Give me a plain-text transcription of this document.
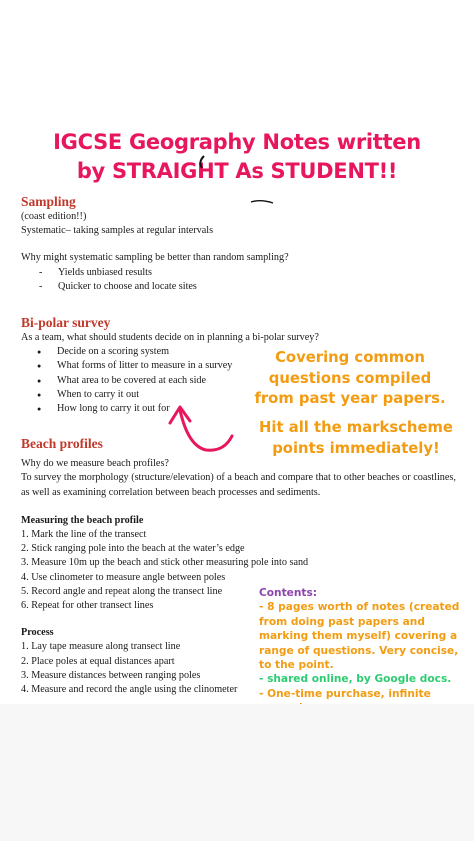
IGCSE Geography Notes written
by STRAIGHT As STUDENT!!
Sampling

(coast edition!!)

Systematic– taking samples at regular intervals

Why might systematic sampling be better than random sampling?

- Yields unbiased results
- Quicker to choose and locate sites
Bi-polar survey

As a team, what should students decide on in planning a bi-polar survey?

● Decide on a scoring system
● What forms of litter to measure in a survey
● What area to be covered at each side
● When to carry it out
● How long to carry it out for
Beach profiles

Why do we measure beach profiles?

To survey the morphology (structure/elevation) of a beach and compare that to other beaches or coastlines, as well as examining correlation between beach processes and sediments.

Measuring the beach profile

1. Mark the line of the transect

2. Stick ranging pole into the beach at the water’s edge

3. Measure 10m up the beach and stick other measuring pole into sand

4. Use clinometer to measure angle between poles

5. Record angle and repeat along the transect line

6. Repeat for other transect lines

Process

1. Lay tape measure along transect line

2. Place poles at equal distances apart

3. Measure distances between ranging poles

4. Measure and record the angle using the clinometer

Covering common
questions compiled
from past year papers.
Hit all the markscheme
points immediately!
Contents:
- 8 pages worth of notes (created
from doing past papers and
marking them myself) covering a
range of questions. Very concise,
to the point.
- shared online, by Google docs.
- One-time purchase, infinite
